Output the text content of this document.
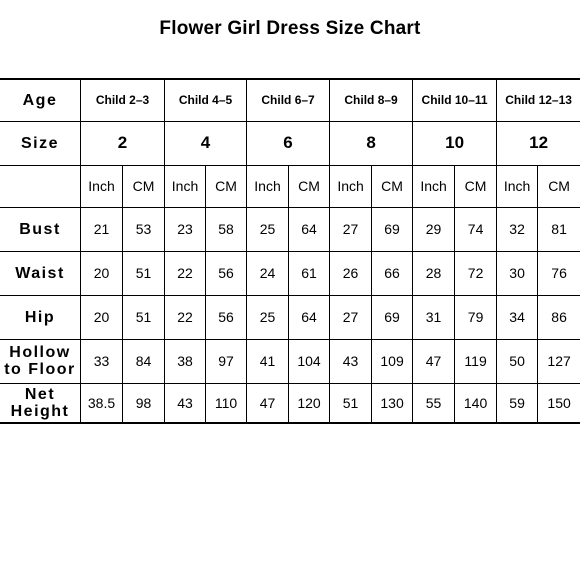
Flower Girl Dress Size Chart
Age	Child 2–3		Child 4–5		Child 6–7		Child 8–9		Child 10–11		Child 12–13	
Size	2		4		6		8		10		12	
	Inch	CM	Inch	CM	Inch	CM	Inch	CM	Inch	CM	Inch	CM
Bust	21	53	23	58	25	64	27	69	29	74	32	81
Waist	20	51	22	56	24	61	26	66	28	72	30	76
Hip	20	51	22	56	25	64	27	69	31	79	34	86
Hollow
to Floor	33	84	38	97	41	104	43	109	47	119	50	127
Net
Height	38.5	98	43	110	47	120	51	130	55	140	59	150
